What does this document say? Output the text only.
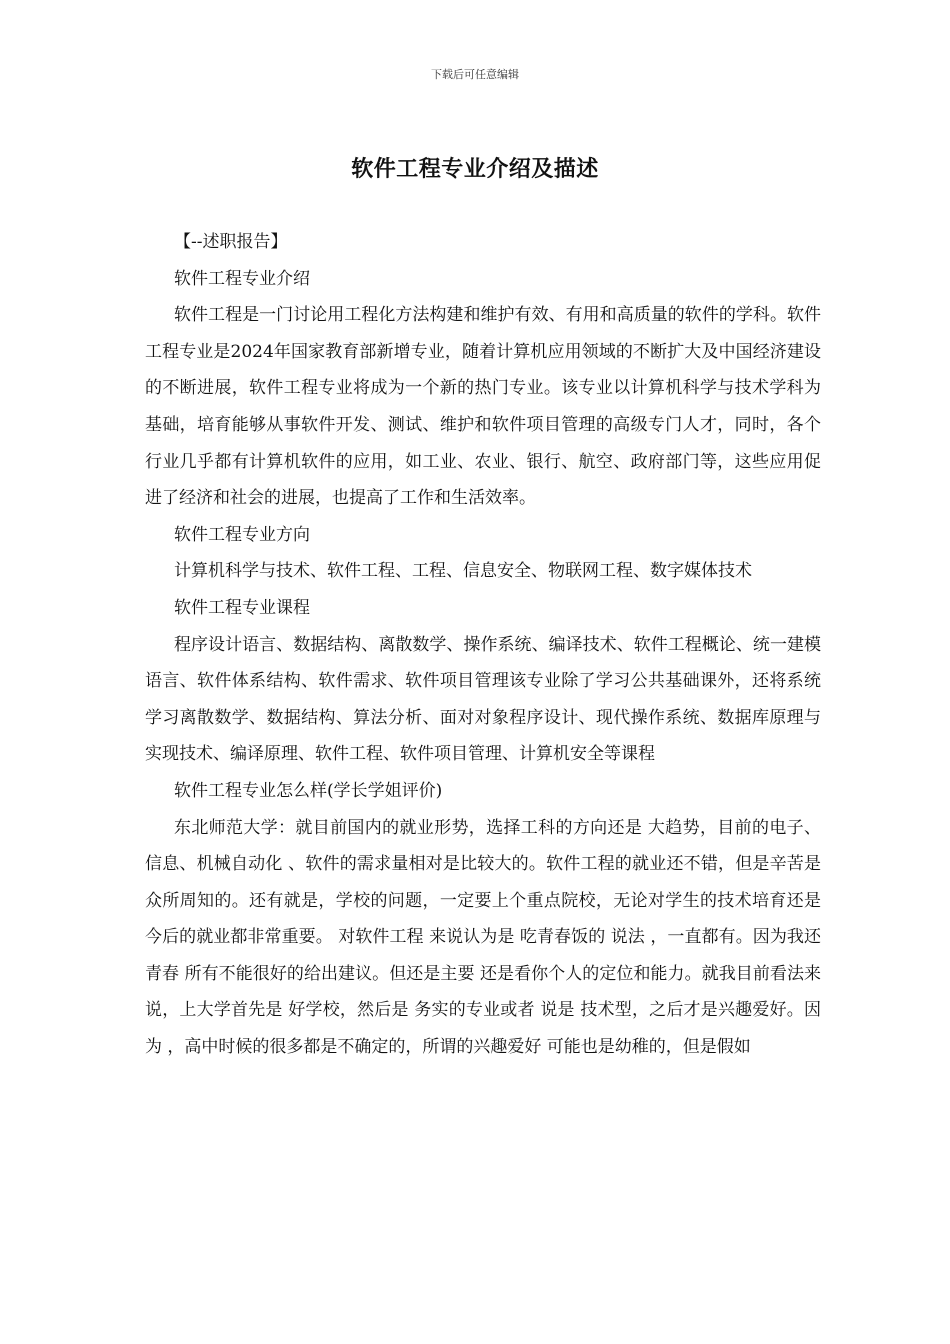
下载后可任意编辑
软件工程专业介绍及描述

【--述职报告】

软件工程专业介绍

软件工程是一门讨论用工程化方法构建和维护有效、有用和高质量的软件的学科。软件工程专业是2024年国家教育部新增专业，随着计算机应用领域的不断扩大及中国经济建设的不断进展，软件工程专业将成为一个新的热门专业。该专业以计算机科学与技术学科为基础，培育能够从事软件开发、测试、维护和软件项目管理的高级专门人才，同时，各个行业几乎都有计算机软件的应用，如工业、农业、银行、航空、政府部门等，这些应用促进了经济和社会的进展，也提高了工作和生活效率。

软件工程专业方向

计算机科学与技术、软件工程、工程、信息安全、物联网工程、数字媒体技术

软件工程专业课程

程序设计语言、数据结构、离散数学、操作系统、编译技术、软件工程概论、统一建模语言、软件体系结构、软件需求、软件项目管理该专业除了学习公共基础课外，还将系统学习离散数学、数据结构、算法分析、面对对象程序设计、现代操作系统、数据库原理与实现技术、编译原理、软件工程、软件项目管理、计算机安全等课程

软件工程专业怎么样(学长学姐评价)

东北师范大学：就目前国内的就业形势，选择工科的方向还是 大趋势，目前的电子、信息、机械自动化 、软件的需求量相对是比较大的。软件工程的就业还不错，但是辛苦是众所周知的。还有就是，学校的问题，一定要上个重点院校，无论对学生的技术培育还是今后的就业都非常重要。 对软件工程 来说认为是 吃青春饭的 说法 ，一直都有。因为我还青春 所有不能很好的给出建议。但还是主要 还是看你个人的定位和能力。就我目前看法来说，上大学首先是 好学校，然后是 务实的专业或者 说是 技术型，之后才是兴趣爱好。因为 ，高中时候的很多都是不确定的，所谓的兴趣爱好 可能也是幼稚的，但是假如
